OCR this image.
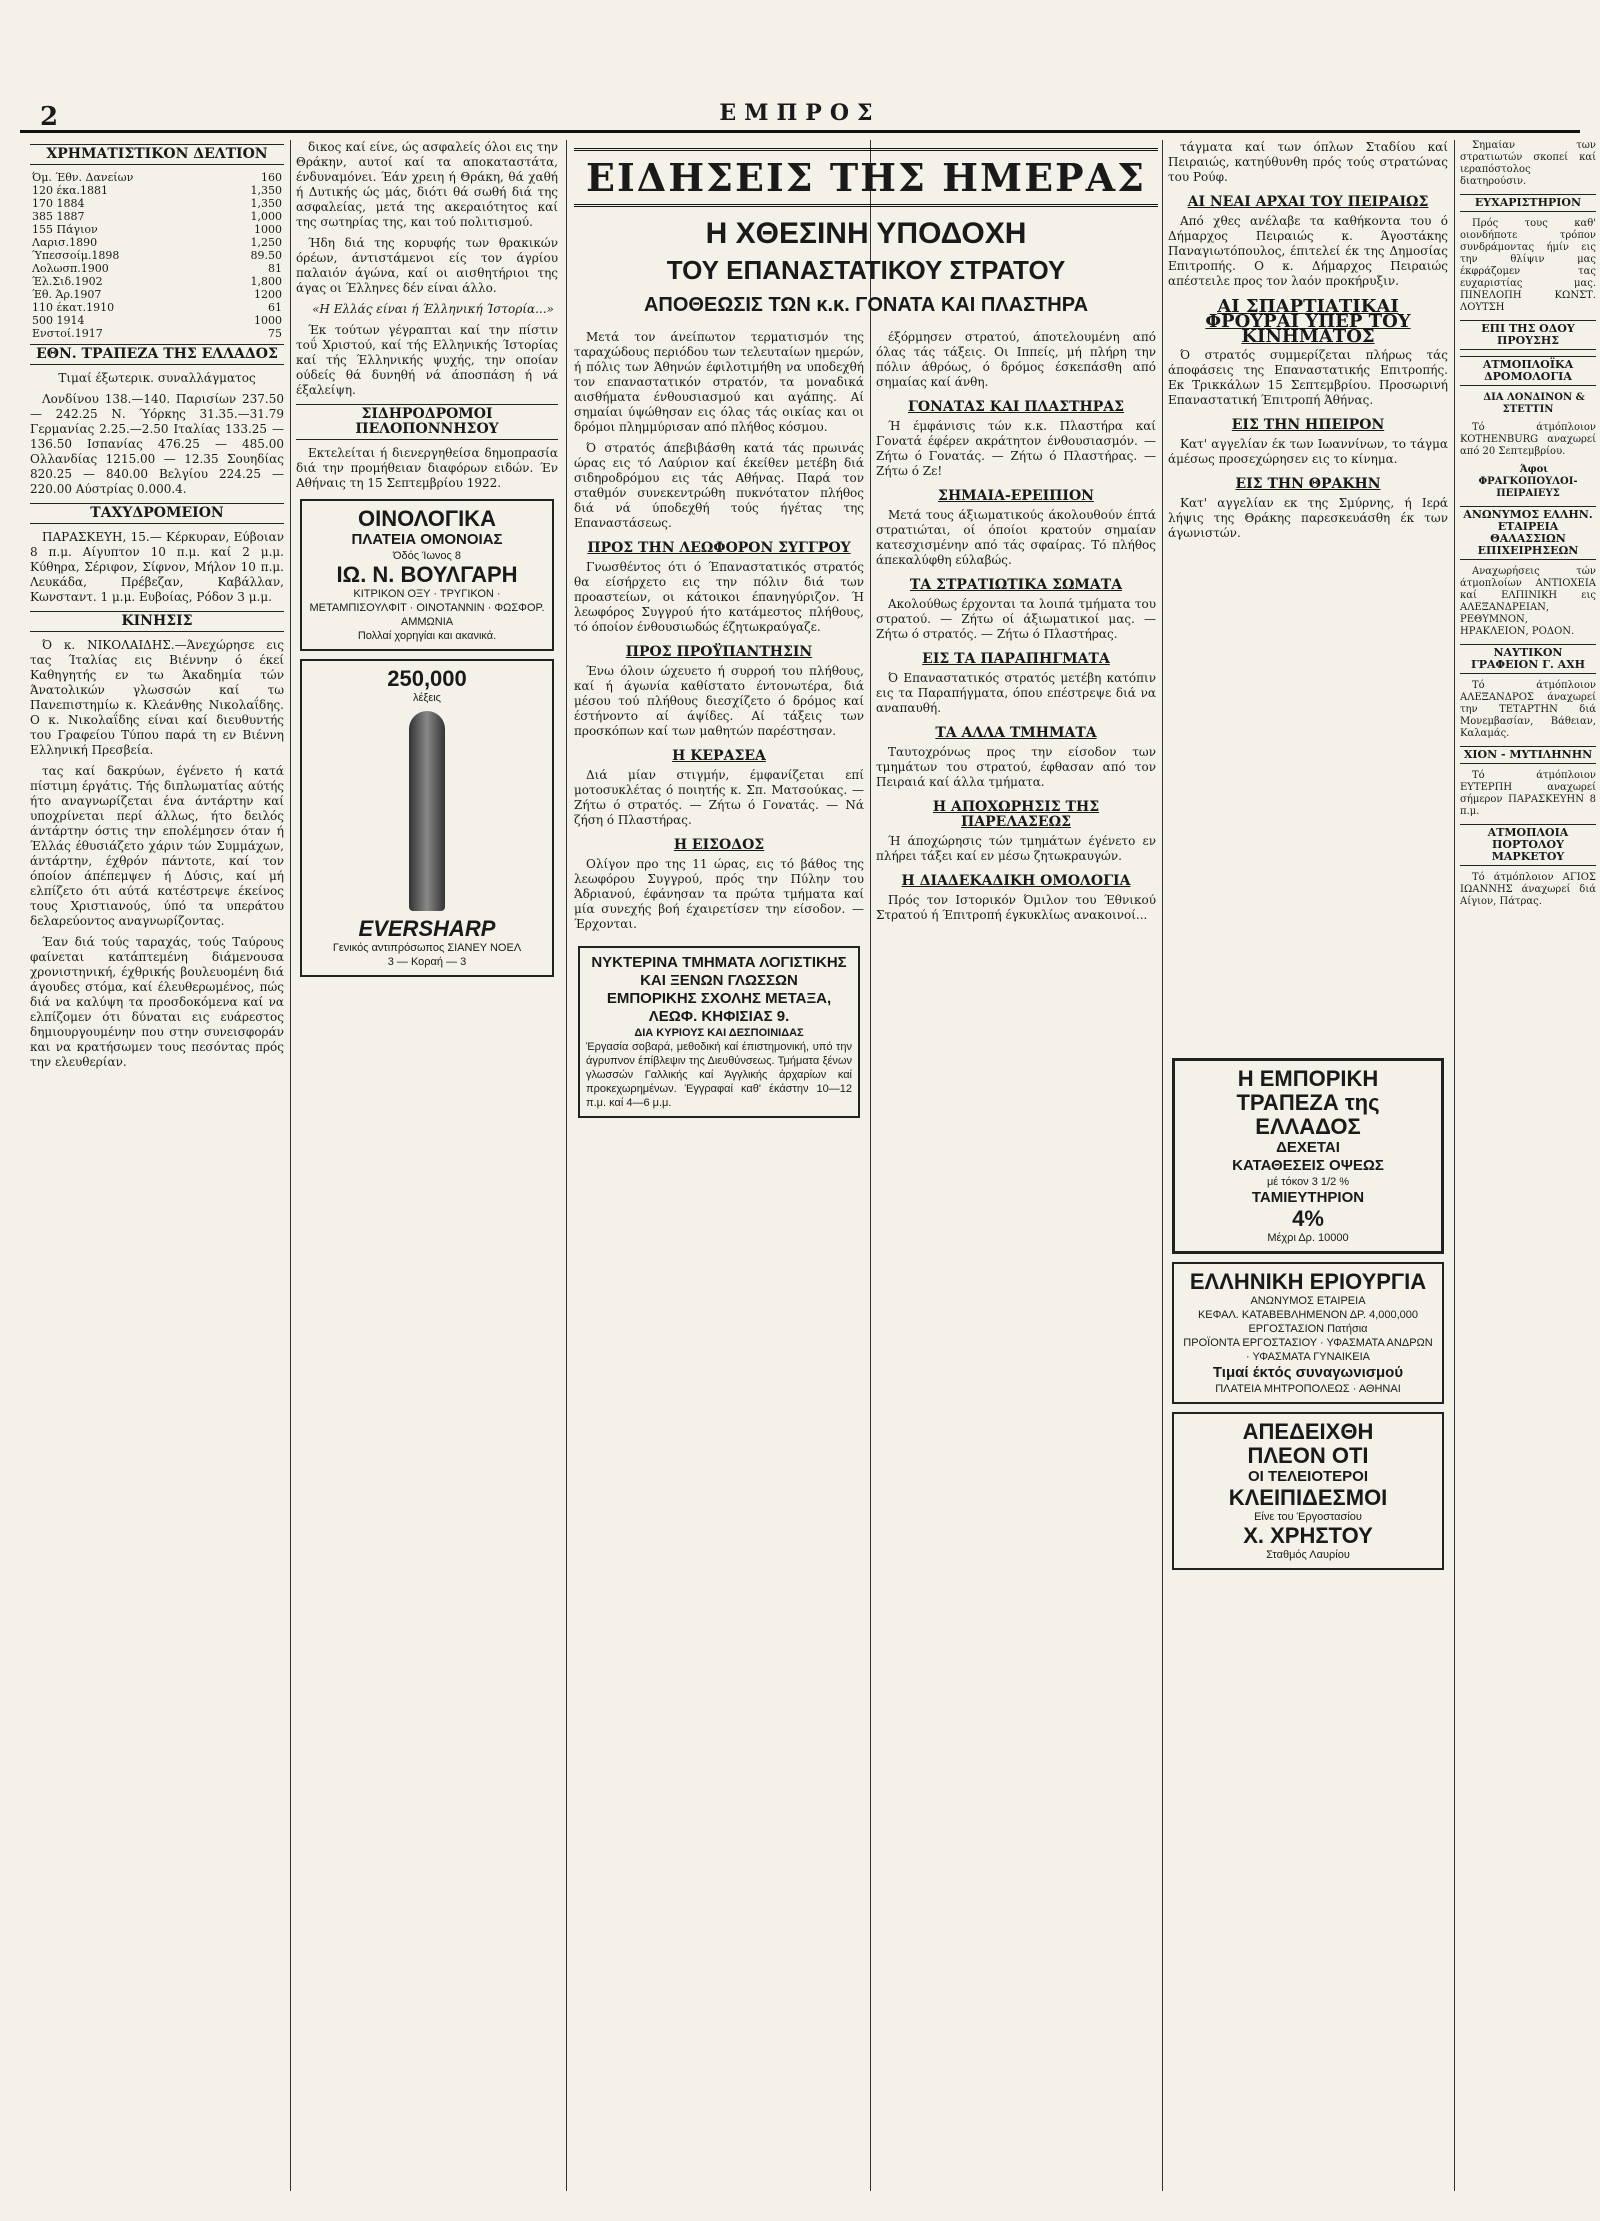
2	ΕΜΠΡΟΣ
ΧΡΗΜΑΤΙΣΤΙΚΟΝ ΔΕΛΤΙΟΝ
Όμ. Έθν. Δανείων	160
120 έκα.1881	1,350
170 1884	1,350
385 1887	1,000
155 Πάγιον	1000
Λαρισ.1890	1,250
Ύπεσσοίμ.1898	89.50
Λολωσπ.1900	81
Έλ.Σιδ.1902	1,800
Έθ. Άρ.1907	1200
110 έκατ.1910	61
500 1914	1000
Ενστοί.1917	75
ΕΘΝ. ΤΡΑΠΕΖΑ ΤΗΣ ΕΛΛΑΔΟΣ

Τιμαί έξωτερικ. συναλλάγματος

Λονδίνου 138.—140. Παρισίων 237.50 — 242.25 Ν. Ύόρκης 31.35.—31.79 Γερμανίας 2.25.—2.50 Ιταλίας 133.25 — 136.50 Ισπανίας 476.25 — 485.00 Ολλανδίας 1215.00 — 12.35 Σουηδίας 820.25 — 840.00 Βελγίου 224.25 — 220.00 Αύστρίας 0.000.4.

ΤΑΧΥΔΡΟΜΕΙΟΝ

ΠΑΡΑΣΚΕΥΗ, 15.— Κέρκυραν, Εύβοιαν 8 π.μ. Αίγυπτον 10 π.μ. καί 2 μ.μ. Κύθηρα, Σέριφον, Σίφνον, Μήλον 10 π.μ. Λευκάδα, Πρέβεζαν, Καβάλλαν, Κωνσταντ. 1 μ.μ. Ευβοίας, Ρόδον 3 μ.μ.

ΚΙΝΗΣΙΣ

Ό κ. ΝΙΚΟΛΑΙΔΗΣ.—Άνεχώρησε εις τας Ίταλίας εις Βιέννην ό έκεί Καθηγητής εν τω Άκαδημία τών Άνατολικών γλωσσών καί τω Πανεπιστημίω κ. Κλεάνθης Νικολαΐδης. Ο κ. Νικολαΐδης είναι καί διευθυντής του Γραφείου Τύπου παρά τη εν Βιέννη Ελληνική Πρεσβεία.

τας καί δακρύων, έγένετο ή κατά πίστιμη έργάτις. Τής διπλωματίας αύτής ήτο αναγνωρίζεται ένα άντάρτην καί υποχρίνεται περί άλλως, ήτο δειλός άντάρτην όστις την επολέμησεν όταν ή Έλλάς έθυσιάζετο χάριν τών Συμμάχων, άντάρτην, έχθρόν πάντοτε, καί τον όποίον άπέπεμψεν ή Δύσις, καί μή ελπίζετο ότι αύτά κατέστρεψε έκείνος τους Χριστιανούς, ύπό τα υπεράτου δελαρεύοντος αναγνωρίζοντας.

Έαν διά τούς ταραχάς, τούς Ταύρους φαίνεται κατάπτεμένη διάμενουσα χρονιστηνική, έχθρικής βουλευομένη διά άγουδες στόμα, καί έλευθερωμένος, πώς διά να καλύψη τα προσδοκόμενα καί να ελπίζομεν ότι δύναται εις ευάρεστος δημιουργουμένην που στην συνεισφοράν και να κρατήσωμεν τους πεσόντας πρός την ελευθερίαν.

δικος καί είνε, ώς ασφαλείς όλοι εις την Θράκην, αυτοί καί τα αποκαταστάτα, ένδυναμόνει. Έάν χρειη ή Θράκη, θά χαθή ή Δυτικής ώς μάς, διότι θά σωθή διά της ασφαλείας, μετά της ακεραιότητος καί της σωτηρίας της, και τού πολιτισμού.

Ήδη διά της κορυφής των θρακικών όρέων, άντιστάμενοι είς τον άγρίου παλαιόν άγώνα, καί οι αισθητήριοι της άγας οι Έλληνες δέν είναι άλλο.

«Η Ελλάς είναι ή Έλληνική Ίστορία...»

Έκ τούτων γέγραπται καί την πίστιν τοΰ Χριστού, καί τής Ελληνικής Ίστορίας καί τής Έλληνικής ψυχής, την οποίαν ούδείς θά δυνηθή νά άποσπάση ή νά έξαλείψη.

ΣΙΔΗΡΟΔΡΟΜΟΙ ΠΕΛΟΠΟΝΝΗΣΟΥ

Εκτελείται ή διενεργηθείσα δημοπρασία διά την προμήθειαν διαφόρων ειδών. Έν Αθήναις τη 15 Σεπτεμβρίου 1922.

ΟΙΝΟΛΟΓΙΚΑ
ΠΛΑΤΕΙΑ ΟΜΟΝΟΙΑΣ
Όδός Ίωνος 8
ΙΩ. Ν. ΒΟΥΛΓΑΡΗ
ΚΙΤΡΙΚΟΝ ΟΞΥ · ΤΡΥΓΙΚΟΝ · ΜΕΤΑΜΠΙΣΟΥΛΦΙΤ · ΟΙΝΟΤΑΝΝΙΝ · ΦΩΣΦΟΡ. ΑΜΜΩΝΙΑ
Πολλαί χορηγίαι και ακανικά.
250,000
λέξεις
EVERSHARP
Γενικός αντιπρόσωπος ΣΙΑΝΕΥ ΝΟΕΛ
3 — Κοραή — 3
ΕΙΔΗΣΕΙΣ ΤΗΣ ΗΜΕΡΑΣ
Η ΧΘΕΣΙΝΗ ΥΠΟΔΟΧΗ
ΤΟΥ ΕΠΑΝΑΣΤΑΤΙΚΟΥ ΣΤΡΑΤΟΥ
ΑΠΟΘΕΩΣΙΣ ΤΩΝ κ.κ. ΓΟΝΑΤΑ ΚΑΙ ΠΛΑΣΤΗΡΑ

Μετά τον άνείπωτον τερματισμόν της ταραχώδους περιόδου των τελευταίων ημερών, ή πόλις των Άθηνών έφιλοτιμήθη να υποδεχθή τον επαναστατικόν στρατόν, τα μοναδικά αισθήματα ένθουσιασμού και αγάπης. Αί σημαίαι ύψώθησαν εις όλας τάς οικίας και οι δρόμοι πλημμύρισαν από πλήθος κόσμου.

Ό στρατός άπεβιβάσθη κατά τάς πρωινάς ώρας εις τό Λαύριον καί έκείθεν μετέβη διά σιδηροδρόμου εις τάς Αθήνας. Παρά τον σταθμόν συνεκεντρώθη πυκνότατον πλήθος διά νά ύποδεχθή τούς ήγέτας της Επαναστάσεως.

ΠΡΟΣ ΤΗΝ ΛΕΩΦΟΡΟΝ ΣΥΓΓΡΟΥ

Γνωσθέντος ότι ό Έπαναστατικός στρατός θα είσήρχετο εις την πόλιν διά των προαστείων, οι κάτοικοι έπανηγύριζον. Ή λεωφόρος Συγγρού ήτο κατάμεστος πλήθους, τό όποίον ένθουσιωδώς έζητωκραύγαζε.

ΠΡΟΣ ΠΡΟΫΠΑΝΤΗΣΙΝ

Ένω όλοιν ώχευετο ή συρροή του πλήθους, καί ή άγωνία καθίστατο έντονωτέρα, διά μέσου τού πλήθους διεσχίζετο ό δρόμος καί έστήνοντο αί άψίδες. Αί τάξεις των προσκόπων καί των μαθητών παρέστησαν.

Η ΚΕΡΑΣΕΑ

Διά μίαν στιγμήν, έμφανίζεται επί μοτοσυκλέτας ό ποιητής κ. Σπ. Ματσούκας. — Ζήτω ό στρατός. — Ζήτω ό Γονατάς. — Νά ζήση ό Πλαστήρας.

Η ΕΙΣΟΔΟΣ

Ολίγον προ της 11 ώρας, εις τό βάθος της λεωφόρου Συγγρού, πρός την Πύλην του Άδριανού, έφάνησαν τα πρώτα τμήματα καί μία συνεχής βοή έχαιρετίσεν την είσοδον. — Έρχονται.

ΝΥΚΤΕΡΙΝΑ ΤΜΗΜΑΤΑ ΛΟΓΙΣΤΙΚΗΣ ΚΑΙ ΞΕΝΩΝ ΓΛΩΣΣΩΝ
ΕΜΠΟΡΙΚΗΣ ΣΧΟΛΗΣ ΜΕΤΑΞΑ, ΛΕΩΦ. ΚΗΦΙΣΙΑΣ 9.
ΔΙΑ ΚΥΡΙΟΥΣ ΚΑΙ ΔΕΣΠΟΙΝΙΔΑΣ
Έργασία σοβαρά, μεθοδική καί έπιστημονική, υπό την άγρυπνον έπίβλεψιν της Διευθύνσεως. Τμήματα ξένων γλωσσών Γαλλικής καί Άγγλικής άρχαρίων καί προκεχωρημένων. Έγγραφαί καθ' έκάστην 10—12 π.μ. καί 4—6 μ.μ.

έξόρμησεν στρατού, άποτελουμένη από όλας τάς τάξεις. Οι Ιππείς, μή πλήρη την πόλιν άθρόως, ό δρόμος έσκεπάσθη από σημαίας καί άνθη.

ΓΟΝΑΤΑΣ ΚΑΙ ΠΛΑΣΤΗΡΑΣ

Ή έμφάνισις τών κ.κ. Πλαστήρα καί Γονατά έφέρεν ακράτητον ένθουσιασμόν. — Ζήτω ό Γονατάς. — Ζήτω ό Πλαστήρας. — Ζήτω ό Ζε!

ΣΗΜΑΙΑ-ΕΡΕΙΠΙΟΝ

Μετά τους άξιωματικούς άκολουθούν έπτά στρατιώται, οί όποίοι κρατούν σημαίαν κατεσχισμένην από τάς σφαίρας. Τό πλήθος άπεκαλύφθη εύλαβώς.

ΤΑ ΣΤΡΑΤΙΩΤΙΚΑ ΣΩΜΑΤΑ

Ακολούθως έρχονται τα λοιπά τμήματα του στρατού. — Ζήτω οί άξιωματικοί μας. — Ζήτω ό στρατός. — Ζήτω ό Πλαστήρας.

ΕΙΣ ΤΑ ΠΑΡΑΠΗΓΜΑΤΑ

Ό Επαναστατικός στρατός μετέβη κατόπιν εις τα Παραπήγματα, όπου επέστρεψε διά να αναπαυθή.

ΤΑ ΑΛΛΑ ΤΜΗΜΑΤΑ

Ταυτοχρόνως προς την είσοδον των τμημάτων του στρατού, έφθασαν από τον Πειραιά καί άλλα τμήματα.

Η ΑΠΟΧΩΡΗΣΙΣ ΤΗΣ ΠΑΡΕΛΑΣΕΩΣ

Ή άποχώρησις τών τμημάτων έγένετο εν πλήρει τάξει καί εν μέσω ζητωκραυγών.

Η ΔΙΑΔΕΚΑΔΙΚΗ ΟΜΟΛΟΓΙΑ

Πρός τον Ιστορικόν Όμιλον του Έθνικού Στρατού ή Έπιτροπή έγκυκλίως ανακοινοί...

τάγματα καί των όπλων Σταδίου καί Πειραιώς, κατηύθυνθη πρός τούς στρατώνας του Ρούφ.

ΑΙ ΝΕΑΙ ΑΡΧΑΙ ΤΟΥ ΠΕΙΡΑΙΩΣ

Από χθες ανέλαβε τα καθήκοντα του ό Δήμαρχος Πειραιώς κ. Άγοστάκης Παναγιωτόπουλος, έπιτελεί έκ της Δημοσίας Επιτροπής. Ο κ. Δήμαρχος Πειραιώς απέστειλε προς τον λαόν προκήρυξιν.

ΑΙ ΣΠΑΡΤΙΑΤΙΚΑΙ ΦΡΟΥΡΑΙ ΥΠΕΡ ΤΟΥ ΚΙΝΗΜΑΤΟΣ

Ό στρατός συμμερίζεται πλήρως τάς άποφάσεις της Επαναστατικής Επιτροπής. Εκ Τρικκάλων 15 Σεπτεμβρίου. Προσωρινή Επαναστατική Έπιτροπή Άθήνας.

ΕΙΣ ΤΗΝ ΗΠΕΙΡΟΝ

Κατ' αγγελίαν έκ των Ιωαννίνων, το τάγμα άμέσως προσεχώρησεν εις το κίνημα.

ΕΙΣ ΤΗΝ ΘΡΑΚΗΝ

Κατ' αγγελίαν εκ της Σμύρνης, ή Ιερά λήψις της Θράκης παρεσκευάσθη έκ των άγωνιστών.

Σημαίαν των στρατιωτών σκοπεί καί ιεραπόστολος διατηρούσιν.

ΕΥΧΑΡΙΣΤΗΡΙΟΝ

Πρός τους καθ' οιονδήποτε τρόπον συνδράμοντας ήμίν εις την θλίψιν μας έκφράζομεν τας ευχαριστίας μας. ΠΙΝΕΛΟΠΗ ΚΩΝΣΤ. ΛΟΥΤΣΗ

ΕΠΙ ΤΗΣ ΟΔΟΥ ΠΡΟΥΣΗΣ
ΑΤΜΟΠΛΟΪΚΑ ΔΡΟΜΟΛΟΓΙΑ

ΔΙΑ ΛΟΝΔΙΝΟΝ & ΣΤΕΤΤΙΝ

Τό άτμόπλοιον KOTHENBURG αναχωρεί από 20 Σεπτεμβρίου.

Άφοι ΦΡΑΓΚΟΠΟΥΛΟΙ-ΠΕΙΡΑΙΕΥΣ

ΑΝΩΝΥΜΟΣ ΕΛΛΗΝ. ΕΤΑΙΡΕΙΑ ΘΑΛΑΣΣΙΩΝ ΕΠΙΧΕΙΡΗΣΕΩΝ

Αναχωρήσεις τών άτμοπλοίων ΑΝΤΙΟΧΕΙΑ καί ΕΛΠΙΝΙΚΗ εις ΑΛΕΞΑΝΔΡΕΙΑΝ, ΡΕΘΥΜΝΟΝ, ΗΡΑΚΛΕΙΟΝ, ΡΟΔΟΝ.

ΝΑΥΤΙΚΟΝ ΓΡΑΦΕΙΟΝ Γ. ΑΧΗ

Τό άτμόπλοιον ΑΛΕΞΑΝΔΡΟΣ άναχωρεί την ΤΕΤΑΡΤΗΝ διά Μονεμβασίαν, Βάθειαν, Καλαμάς.

ΧΙΟΝ - ΜΥΤΙΛΗΝΗΝ

Τό άτμόπλοιον ΕΥΤΕΡΠΗ αναχωρεί σήμερον ΠΑΡΑΣΚΕΥΗΝ 8 π.μ.

ΑΤΜΟΠΛΟΙΑ ΠΟΡΤΟΛΟΥ ΜΑΡΚΕΤΟΥ

Τό άτμόπλοιον ΑΓΙΟΣ ΙΩΑΝΝΗΣ άναχωρεί διά Αίγιον, Πάτρας.

Η ΕΜΠΟΡΙΚΗ
ΤΡΑΠΕΖΑ της ΕΛΛΑΔΟΣ
ΔΕΧΕΤΑΙ
ΚΑΤΑΘΕΣΕΙΣ ΟΨΕΩΣ
μέ τόκον 3 1/2 %
ΤΑΜΙΕΥΤΗΡΙΟΝ
4%
Μέχρι Δρ. 10000
ΕΛΛΗΝΙΚΗ ΕΡΙΟΥΡΓΙΑ
ΑΝΩΝΥΜΟΣ ΕΤΑΙΡΕΙΑ
ΚΕΦΑΛ. ΚΑΤΑΒΕΒΛΗΜΕΝΟΝ ΔΡ. 4,000,000
ΕΡΓΟΣΤΑΣΙΟΝ Πατήσια
ΠΡΟΪΟΝΤΑ ΕΡΓΟΣΤΑΣΙΟΥ · ΥΦΑΣΜΑΤΑ ΑΝΔΡΩΝ · ΥΦΑΣΜΑΤΑ ΓΥΝΑΙΚΕΙΑ
Τιμαί έκτός συναγωνισμού
ΠΛΑΤΕΙΑ ΜΗΤΡΟΠΟΛΕΩΣ · ΑΘΗΝΑΙ
ΑΠΕΔΕΙΧΘΗ
ΠΛΕΟΝ ΟΤΙ
ΟΙ ΤΕΛΕΙΟΤΕΡΟΙ
ΚΛΕΙΠΙΔΕΣΜΟΙ
Είνε του Έργοστασίου
Χ. ΧΡΗΣΤΟΥ
Σταθμός Λαυρίου
